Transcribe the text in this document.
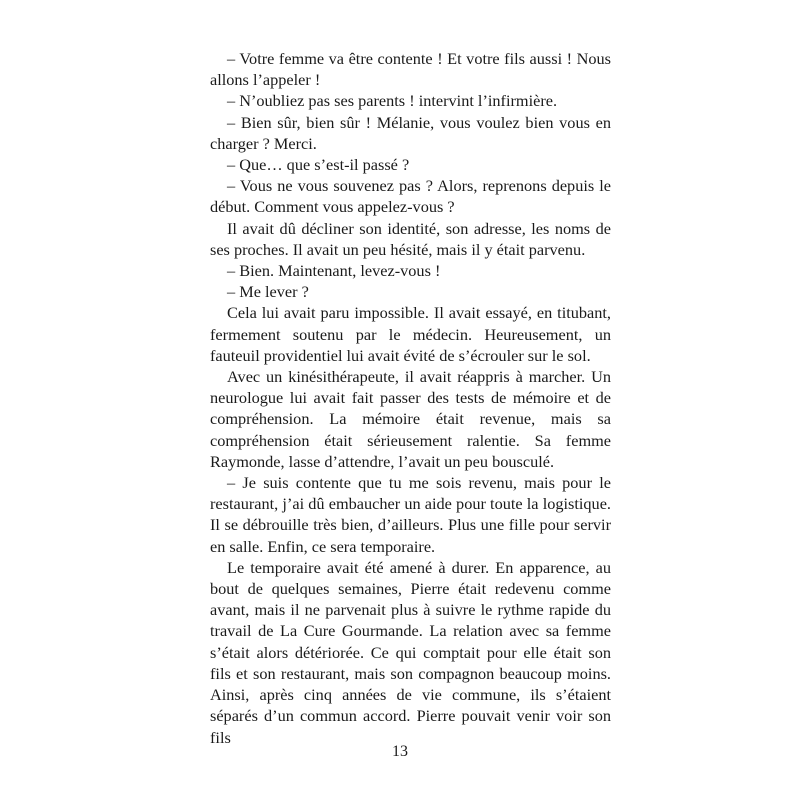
– Votre femme va être contente ! Et votre fils aussi ! Nous allons l’appeler !

– N’oubliez pas ses parents ! intervint l’infirmière.

– Bien sûr, bien sûr ! Mélanie, vous voulez bien vous en charger ? Merci.

– Que… que s’est-il passé ?

– Vous ne vous souvenez pas ? Alors, reprenons depuis le début. Comment vous appelez-vous ?

Il avait dû décliner son identité, son adresse, les noms de ses proches. Il avait un peu hésité, mais il y était parvenu.

– Bien. Maintenant, levez-vous !

– Me lever ?

Cela lui avait paru impossible. Il avait essayé, en titubant, fermement soutenu par le médecin. Heureusement, un fauteuil providentiel lui avait évité de s’écrouler sur le sol.

Avec un kinésithérapeute, il avait réappris à marcher. Un neurologue lui avait fait passer des tests de mémoire et de compréhension. La mémoire était revenue, mais sa compréhension était sérieusement ralentie. Sa femme Raymonde, lasse d’attendre, l’avait un peu bousculé.

– Je suis contente que tu me sois revenu, mais pour le restaurant, j’ai dû embaucher un aide pour toute la logistique. Il se débrouille très bien, d’ailleurs. Plus une fille pour servir en salle. Enfin, ce sera temporaire.

Le temporaire avait été amené à durer. En apparence, au bout de quelques semaines, Pierre était redevenu comme avant, mais il ne parvenait plus à suivre le rythme rapide du travail de La Cure Gourmande. La relation avec sa femme s’était alors détériorée. Ce qui comptait pour elle était son fils et son restaurant, mais son compagnon beaucoup moins. Ainsi, après cinq années de vie commune, ils s’étaient séparés d’un commun accord. Pierre pouvait venir voir son fils

13
